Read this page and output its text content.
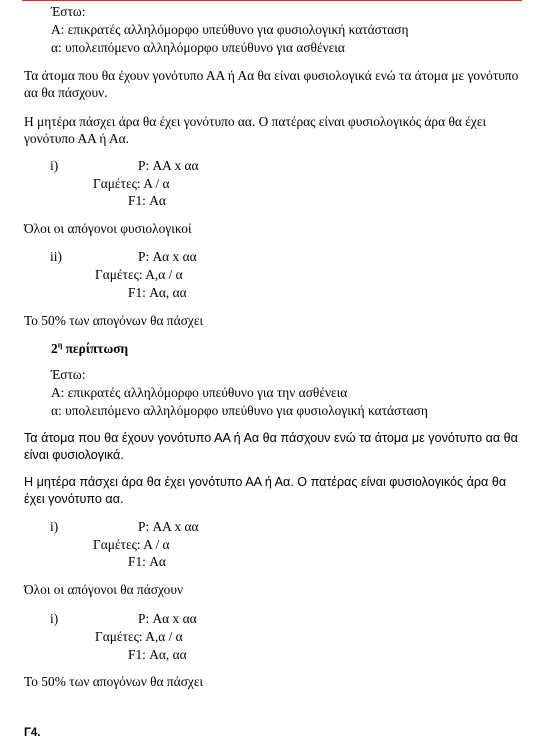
Έστω:
Α: επικρατές αλληλόμορφο υπεύθυνο για φυσιολογική κατάσταση
α: υπολειπόμενο αλληλόμορφο υπεύθυνο για ασθένεια
Τα άτομα που θα έχουν γονότυπο ΑΑ ή Αα θα είναι φυσιολογικά ενώ τα άτομα με γονότυπο αα θα πάσχουν.
Η μητέρα πάσχει άρα θα έχει γονότυπο αα. Ο πατέρας είναι φυσιολογικός άρα θα έχει γονότυπο ΑΑ ή Αα.
i)	P: ΑΑ x αα
Γαμέτες: Α / α
F1: Αα
Όλοι οι απόγονοι φυσιολογικοί
ii)	P: Αα x αα
Γαμέτες: Α,α / α
F1: Αα, αα
Το 50% των απογόνων θα πάσχει
$2^\eta$ περίπτωση
Έστω:
Α: επικρατές αλληλόμορφο υπεύθυνο για την ασθένεια
α: υπολειπόμενο αλληλόμορφο υπεύθυνο για φυσιολογική κατάσταση
Τα άτομα που θα έχουν γονότυπο ΑΑ ή Αα θα πάσχουν ενώ τα άτομα με γονότυπο αα θα είναι φυσιολογικά.
Η μητέρα πάσχει άρα θα έχει γονότυπο ΑΑ ή Αα. Ο πατέρας είναι φυσιολογικός άρα θα έχει γονότυπο αα.
i)	P: ΑΑ x αα
Γαμέτες: Α / α
F1: Αα
Όλοι οι απόγονοι θα πάσχουν
i)	P: Αα x αα
Γαμέτες: Α,α / α
F1: Αα, αα
Το 50% των απογόνων θα πάσχει
Γ4.
